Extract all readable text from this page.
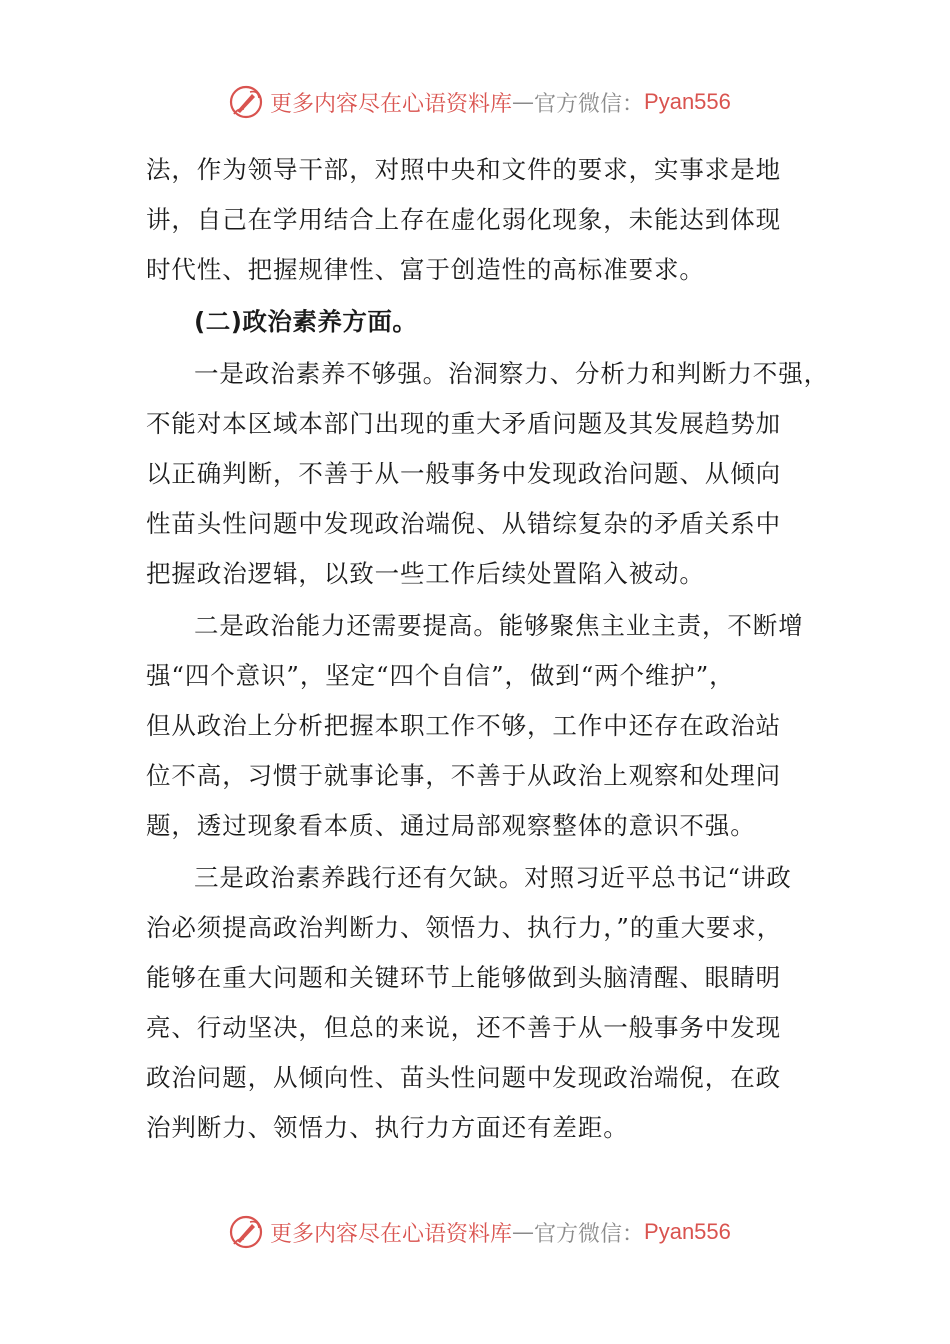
更多内容尽在心语资料库 — 官方微信： Pyan556
法，作为领导干部，对照中央和文件的要求，实事求是地
讲，自己在学用结合上存在虚化弱化现象，未能达到体现
时代性、把握规律性、富于创造性的高标准要求。
(二)政治素养方面。
一是政治素养不够强。治洞察力、分析力和判断力不强，
不能对本区域本部门出现的重大矛盾问题及其发展趋势加
以正确判断，不善于从一般事务中发现政治问题、从倾向
性苗头性问题中发现政治端倪、从错综复杂的矛盾关系中
把握政治逻辑，以致一些工作后续处置陷入被动。
二是政治能力还需要提高。能够聚焦主业主责，不断增
强“四个意识”，坚定“四个自信”，做到“两个维护”，
但从政治上分析把握本职工作不够，工作中还存在政治站
位不高，习惯于就事论事，不善于从政治上观察和处理问
题，透过现象看本质、通过局部观察整体的意识不强。
三是政治素养践行还有欠缺。对照习近平总书记“讲政
治必须提高政治判断力、领悟力、执行力，”的重大要求，
能够在重大问题和关键环节上能够做到头脑清醒、眼睛明
亮、行动坚决，但总的来说，还不善于从一般事务中发现
政治问题，从倾向性、苗头性问题中发现政治端倪，在政
治判断力、领悟力、执行力方面还有差距。
更多内容尽在心语资料库 — 官方微信： Pyan556
